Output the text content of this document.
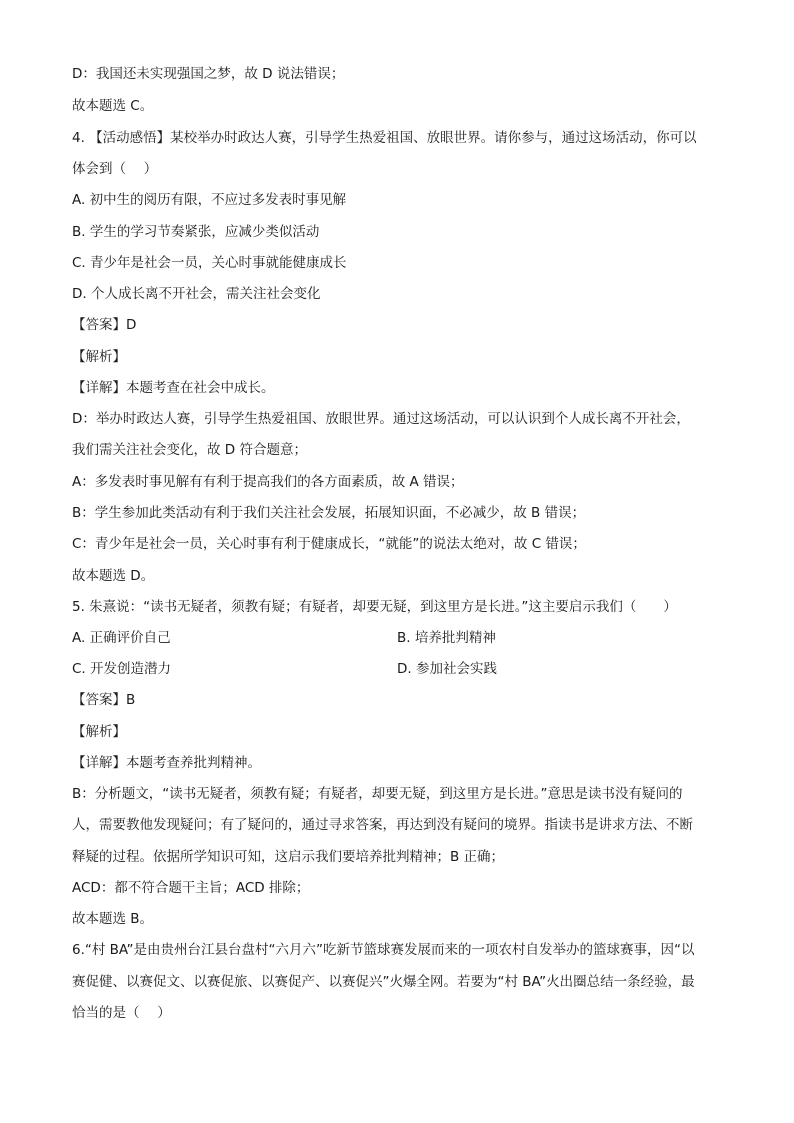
D：我国还未实现强国之梦，故 D 说法错误；
故本题选 C。
4. 【活动感悟】某校举办时政达人赛，引导学生热爱祖国、放眼世界。请你参与，通过这场活动，你可以
体会到（　 ）
A. 初中生的阅历有限，不应过多发表时事见解
B. 学生的学习节奏紧张，应减少类似活动
C. 青少年是社会一员，关心时事就能健康成长
D. 个人成长离不开社会，需关注社会变化
【答案】D
【解析】
【详解】本题考查在社会中成长。
D：举办时政达人赛，引导学生热爱祖国、放眼世界。通过这场活动，可以认识到个人成长离不开社会，
我们需关注社会变化，故 D 符合题意；
A：多发表时事见解有有利于提高我们的各方面素质，故 A 错误；
B：学生参加此类活动有利于我们关注社会发展，拓展知识面，不必减少，故 B 错误；
C：青少年是社会一员，关心时事有利于健康成长，“就能”的说法太绝对，故 C 错误；
故本题选 D。
5. 朱熹说：“读书无疑者，须教有疑；有疑者，却要无疑，到这里方是长进。”这主要启示我们（　　）
A. 正确评价自己	B. 培养批判精神
C. 开发创造潜力	D. 参加社会实践
【答案】B
【解析】
【详解】本题考查养批判精神。
B：分析题文，“读书无疑者，须教有疑；有疑者，却要无疑，到这里方是长进。”意思是读书没有疑问的
人，需要教他发现疑问；有了疑问的，通过寻求答案，再达到没有疑问的境界。指读书是讲求方法、不断
释疑的过程。依据所学知识可知，这启示我们要培养批判精神；B 正确；
ACD：都不符合题干主旨；ACD 排除；
故本题选 B。
6.“村 BA”是由贵州台江县台盘村“六月六”吃新节篮球赛发展而来的一项农村自发举办的篮球赛事，因“以
赛促健、以赛促文、以赛促旅、以赛促产、以赛促兴”火爆全网。若要为“村 BA”火出圈总结一条经验，最
恰当的是（　 ）
